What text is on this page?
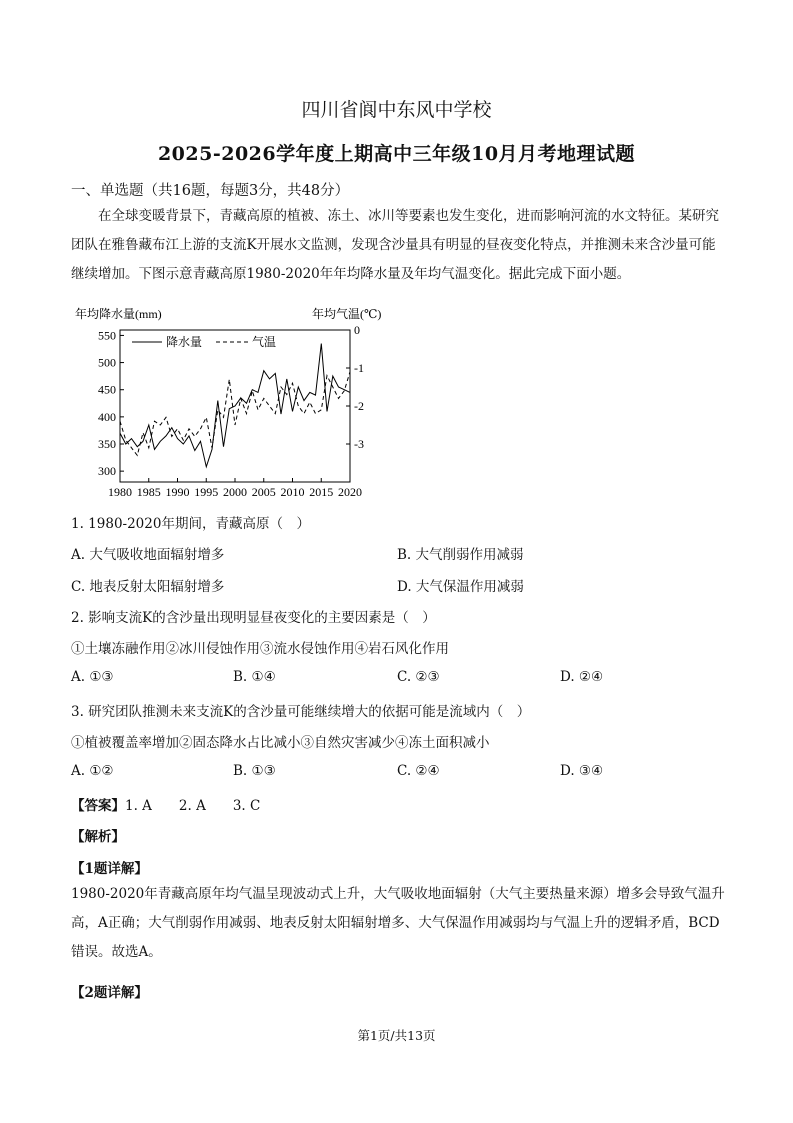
四川省阆中东风中学校
2025-2026学年度上期高中三年级10月月考地理试题
一、单选题（共16题，每题3分，共48分）
在全球变暖背景下，青藏高原的植被、冻土、冰川等要素也发生变化，进而影响河流的水文特征。某研究团队在雅鲁藏布江上游的支流K开展水文监测，发现含沙量具有明显的昼夜变化特点，并推测未来含沙量可能继续增加。下图示意青藏高原1980-2020年年均降水量及年均气温变化。据此完成下面小题。
年均降水量(mm)	年均气温(℃)
550
500
450
400
350
300
0
-1
-2
-3
1980 1985 1990 1995 2000 2005 2010 2015 2020
降水量	气温
1. 1980-2020年期间，青藏高原（　）
A. 大气吸收地面辐射增多	B. 大气削弱作用减弱
C. 地表反射太阳辐射增多	D. 大气保温作用减弱
2. 影响支流K的含沙量出现明显昼夜变化的主要因素是（　）
①土壤冻融作用②冰川侵蚀作用③流水侵蚀作用④岩石风化作用
A. ①③	B. ①④	C. ②③	D. ②④
3. 研究团队推测未来支流K的含沙量可能继续增大的依据可能是流域内（　）
①植被覆盖率增加②固态降水占比减小③自然灾害减少④冻土面积减小
A. ①②	B. ①③	C. ②④	D. ③④
【答案】1. A　　2. A　　3. C
【解析】
【1题详解】
1980-2020年青藏高原年均气温呈现波动式上升，大气吸收地面辐射（大气主要热量来源）增多会导致气温升高，A正确；大气削弱作用减弱、地表反射太阳辐射增多、大气保温作用减弱均与气温上升的逻辑矛盾，BCD错误。故选A。
【2题详解】
第1页/共13页
